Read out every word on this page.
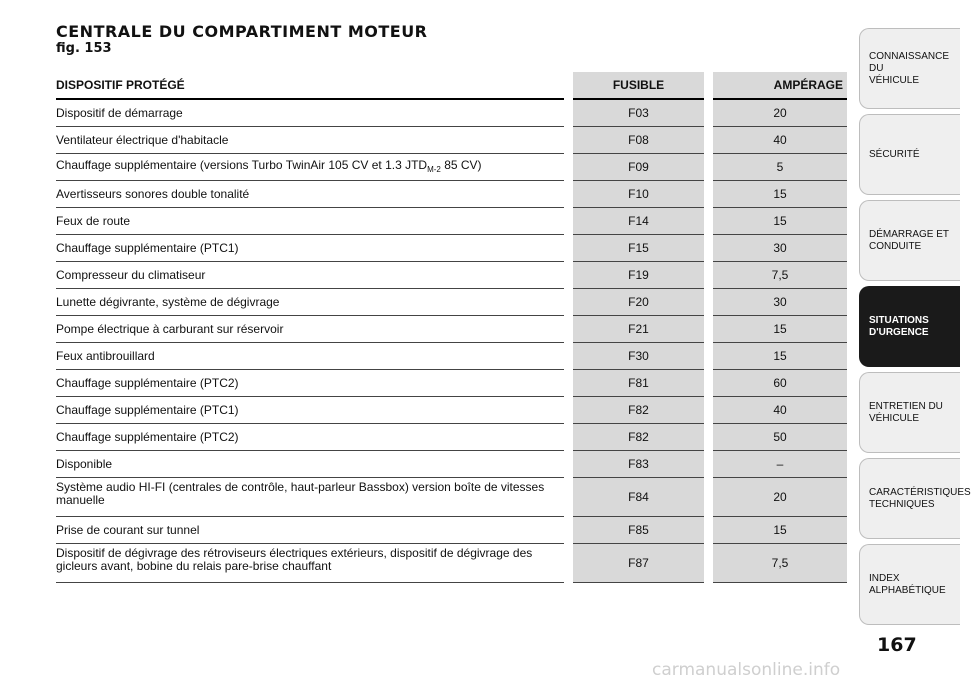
CENTRALE DU COMPARTIMENT MOTEUR
fig. 153
DISPOSITIF PROTÉGÉ		FUSIBLE		AMPÉRAGE
Dispositif de démarrage		F03		20
Ventilateur électrique d'habitacle		F08		40
Chauffage supplémentaire (versions Turbo TwinAir 105 CV et 1.3 $JTD_{M-2}$ 85 CV)		F09		5
Avertisseurs sonores double tonalité		F10		15
Feux de route		F14		15
Chauffage supplémentaire (PTC1)		F15		30
Compresseur du climatiseur		F19		7,5
Lunette dégivrante, système de dégivrage		F20		30
Pompe électrique à carburant sur réservoir		F21		15
Feux antibrouillard		F30		15
Chauffage supplémentaire (PTC2)		F81		60
Chauffage supplémentaire (PTC1)		F82		40
Chauffage supplémentaire (PTC2)		F82		50
Disponible		F83		–
Système audio HI-FI (centrales de contrôle, haut-parleur Bassbox) version boîte de vitesses
manuelle		F84		20
Prise de courant sur tunnel		F85		15
Dispositif de dégivrage des rétroviseurs électriques extérieurs, dispositif de dégivrage des
gicleurs avant, bobine du relais pare-brise chauffant		F87		7,5
CONNAISSANCE DU
VÉHICULE
SÉCURITÉ
DÉMARRAGE ET
CONDUITE
SITUATIONS
D'URGENCE
ENTRETIEN DU
VÉHICULE
CARACTÉRISTIQUES
TECHNIQUES
INDEX
ALPHABÉTIQUE
167
carmanualsonline.info
